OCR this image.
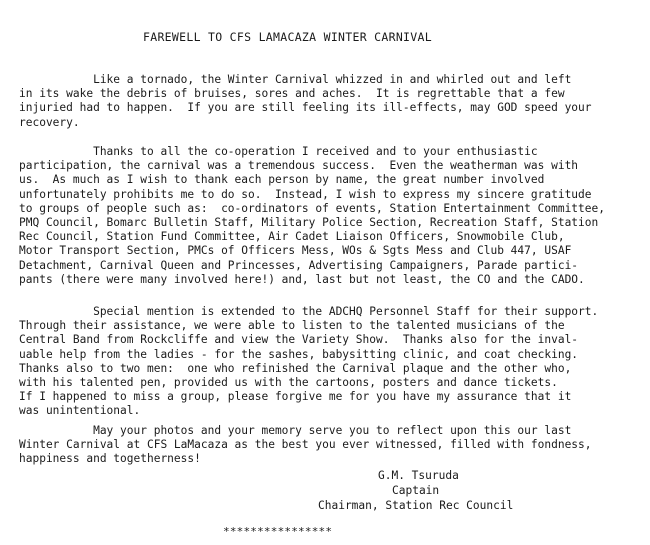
FAREWELL TO CFS LAMACAZA WINTER CARNIVAL
Like a tornado, the Winter Carnival whizzed in and whirled out and left
in its wake the debris of bruises, sores and aches.  It is regrettable that a few
injuried had to happen.  If you are still feeling its ill-effects, may GOD speed your
recovery.
Thanks to all the co-operation I received and to your enthusiastic
participation, the carnival was a tremendous success.  Even the weatherman was with
us.  As much as I wish to thank each person by name, the great number involved
unfortunately prohibits me to do so.  Instead, I wish to express my sincere gratitude
to groups of people such as:  co-ordinators of events, Station Entertainment Committee,
PMQ Council, Bomarc Bulletin Staff, Military Police Section, Recreation Staff, Station
Rec Council, Station Fund Committee, Air Cadet Liaison Officers, Snowmobile Club,
Motor Transport Section, PMCs of Officers Mess, WOs & Sgts Mess and Club 447, USAF
Detachment, Carnival Queen and Princesses, Advertising Campaigners, Parade partici-
pants (there were many involved here!) and, last but not least, the CO and the CADO.
Special mention is extended to the ADCHQ Personnel Staff for their support.
Through their assistance, we were able to listen to the talented musicians of the
Central Band from Rockcliffe and view the Variety Show.  Thanks also for the inval-
uable help from the ladies - for the sashes, babysitting clinic, and coat checking.
Thanks also to two men:  one who refinished the Carnival plaque and the other who,
with his talented pen, provided us with the cartoons, posters and dance tickets.
If I happened to miss a group, please forgive me for you have my assurance that it
was unintentional.
May your photos and your memory serve you to reflect upon this our last
Winter Carnival at CFS LaMacaza as the best you ever witnessed, filled with fondness,
happiness and togetherness!
G.M. Tsuruda
Captain
Chairman, Station Rec Council
****************
